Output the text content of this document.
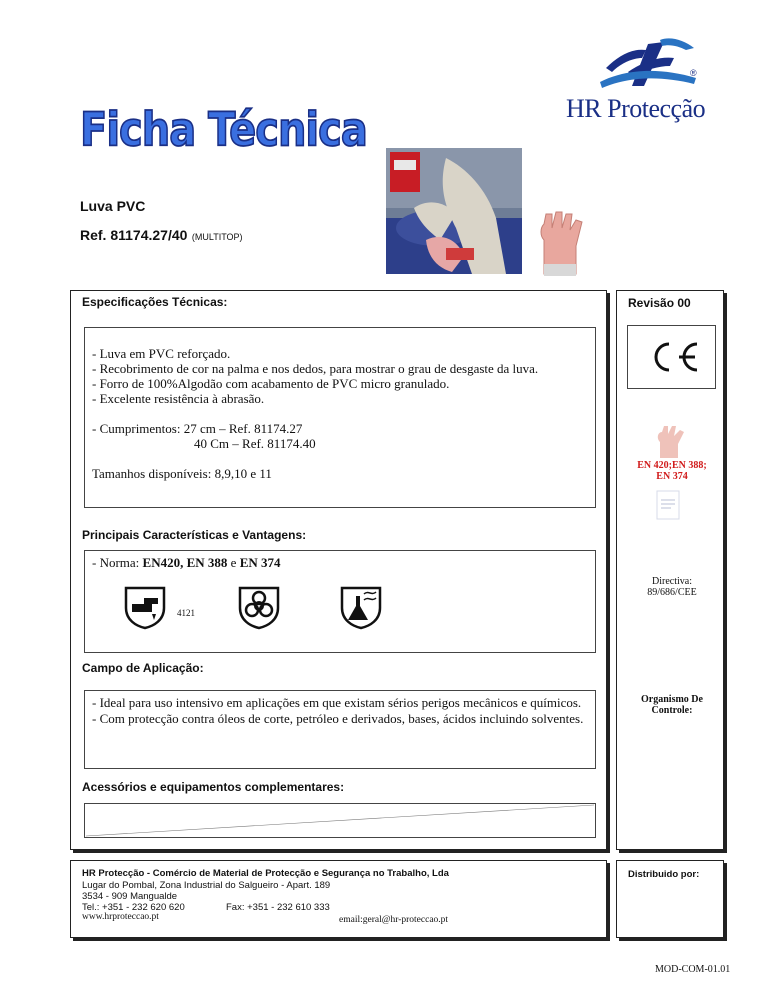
®
HR Protecção
Ficha Técnica
Luva PVC
Ref. 81174.27/40 (MULTITOP)
Especificações Técnicas:

- Luva em PVC reforçado.

- Recobrimento de cor na palma e nos dedos, para mostrar o grau de desgaste da luva.

- Forro de 100%Algodão com acabamento de PVC micro granulado.

- Excelente resistência à abrasão.

- Cumprimentos: 27 cm – Ref. 81174.27

40 Cm – Ref. 81174.40

Tamanhos disponíveis: 8,9,10 e 11

Revisão 00
EN 420;EN 388; EN 374
Directiva: 89/686/CEE
Organismo De Controle:
Principais Características e Vantagens:
- Norma: EN420, EN 388 e EN 374
4121
Campo de Aplicação:

- Ideal para uso intensivo em aplicações em que existam sérios perigos mecânicos e químicos.

- Com protecção contra óleos de corte, petróleo e derivados, bases, ácidos incluindo solventes.

Acessórios e equipamentos complementares:
HR Protecção - Comércio de Material de Protecção e Segurança no Trabalho, Lda
Lugar do Pombal, Zona Industrial do Salgueiro - Apart. 189
3534 - 909 Mangualde
Tel.: +351 - 232 620 620	Fax: +351 - 232 610 333
www.hrproteccao.pt	email:geral@hr-proteccao.pt
Distribuido por:
MOD-COM-01.01
